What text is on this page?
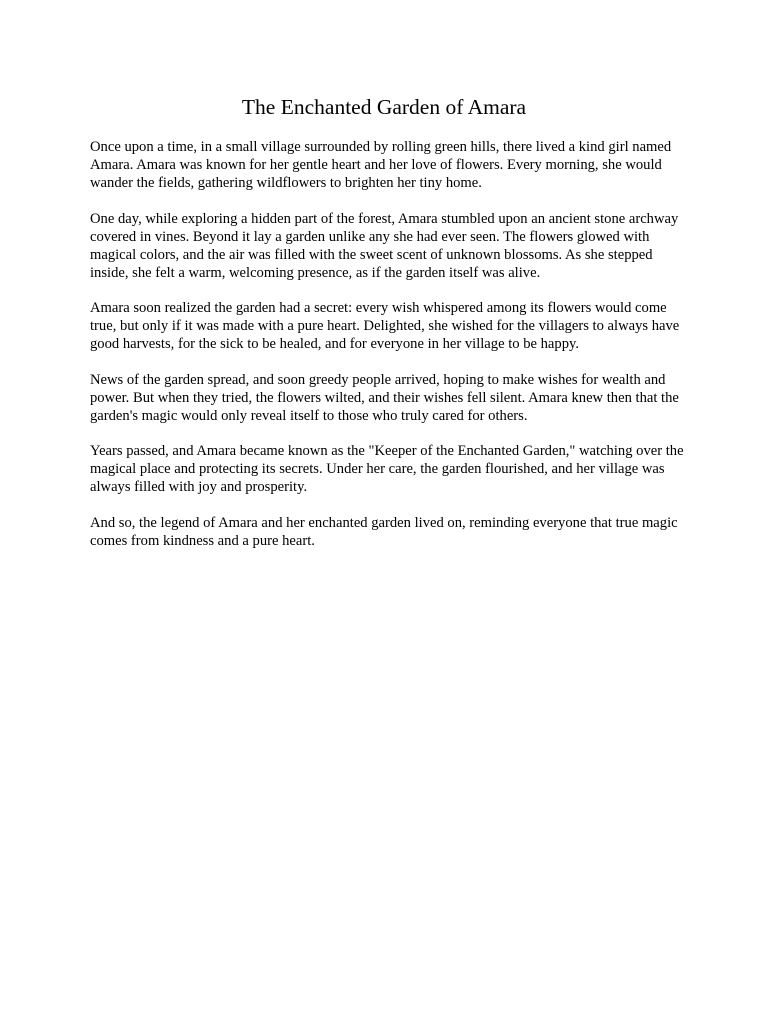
The Enchanted Garden of Amara

Once upon a time, in a small village surrounded by rolling green hills, there lived a kind girl named Amara. Amara was known for her gentle heart and her love of flowers. Every morning, she would wander the fields, gathering wildflowers to brighten her tiny home.

One day, while exploring a hidden part of the forest, Amara stumbled upon an ancient stone archway covered in vines. Beyond it lay a garden unlike any she had ever seen. The flowers glowed with magical colors, and the air was filled with the sweet scent of unknown blossoms. As she stepped inside, she felt a warm, welcoming presence, as if the garden itself was alive.

Amara soon realized the garden had a secret: every wish whispered among its flowers would come true, but only if it was made with a pure heart. Delighted, she wished for the villagers to always have good harvests, for the sick to be healed, and for everyone in her village to be happy.

News of the garden spread, and soon greedy people arrived, hoping to make wishes for wealth and power. But when they tried, the flowers wilted, and their wishes fell silent. Amara knew then that the garden's magic would only reveal itself to those who truly cared for others.

Years passed, and Amara became known as the "Keeper of the Enchanted Garden," watching over the magical place and protecting its secrets. Under her care, the garden flourished, and her village was always filled with joy and prosperity.

And so, the legend of Amara and her enchanted garden lived on, reminding everyone that true magic comes from kindness and a pure heart.
